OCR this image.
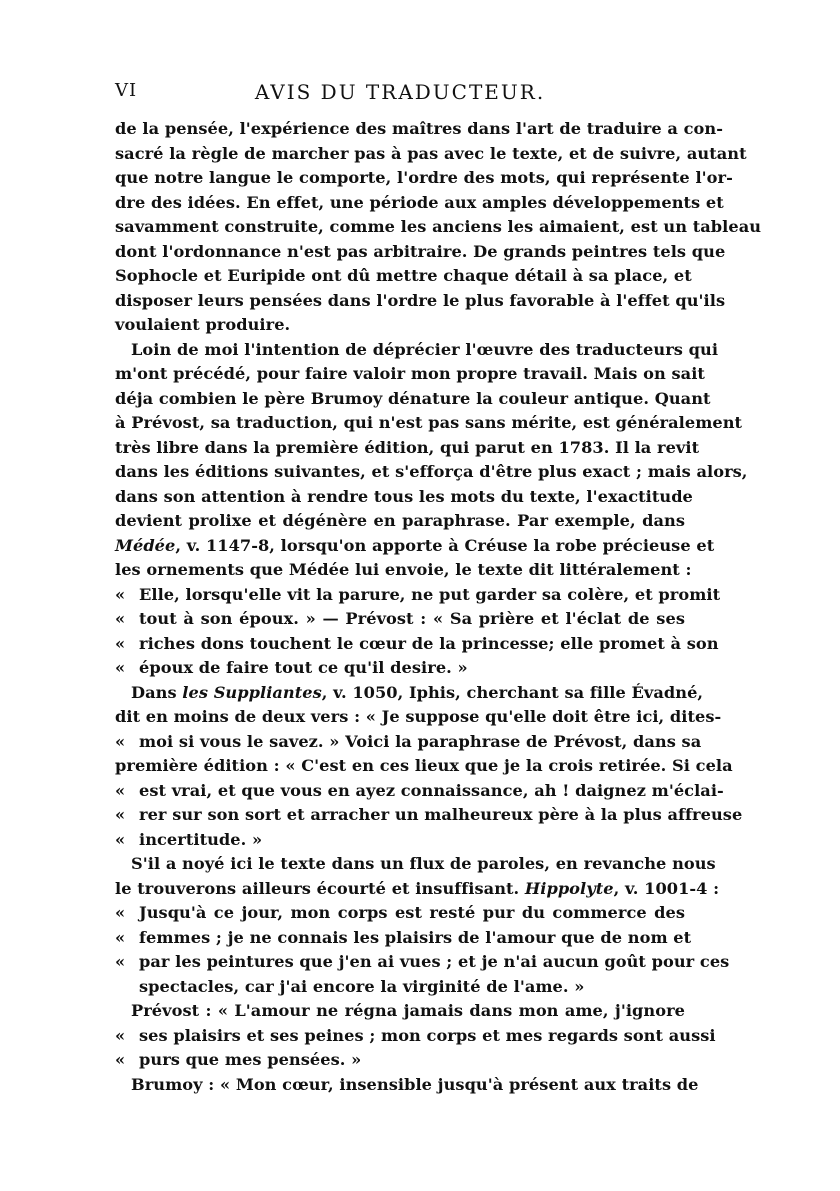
VI	AVIS DU TRADUCTEUR.
de la pensée, l'expérience des maîtres dans l'art de traduire a con-
sacré la règle de marcher pas à pas avec le texte, et de suivre, autant
que notre langue le comporte, l'ordre des mots, qui représente l'or-
dre des idées. En effet, une période aux amples développements et
savamment construite, comme les anciens les aimaient, est un tableau
dont l'ordonnance n'est pas arbitraire. De grands peintres tels que
Sophocle et Euripide ont dû mettre chaque détail à sa place, et
disposer leurs pensées dans l'ordre le plus favorable à l'effet qu'ils
voulaient produire.
Loin de moi l'intention de déprécier l'œuvre des traducteurs qui
m'ont précédé, pour faire valoir mon propre travail. Mais on sait
déja combien le père Brumoy dénature la couleur antique. Quant
à Prévost, sa traduction, qui n'est pas sans mérite, est généralement
très libre dans la première édition, qui parut en 1783. Il la revit
dans les éditions suivantes, et s'efforça d'être plus exact ; mais alors,
dans son attention à rendre tous les mots du texte, l'exactitude
devient prolixe et dégénère en paraphrase. Par exemple, dans
Médée, v. 1147-8, lorsqu'on apporte à Créuse la robe précieuse et
les ornements que Médée lui envoie, le texte dit littéralement :
« Elle, lorsqu'elle vit la parure, ne put garder sa colère, et promit
« tout à son époux. » — Prévost : « Sa prière et l'éclat de ses
« riches dons touchent le cœur de la princesse; elle promet à son
« époux de faire tout ce qu'il desire. »
Dans les Suppliantes, v. 1050, Iphis, cherchant sa fille Évadné,
dit en moins de deux vers : « Je suppose qu'elle doit être ici, dites-
« moi si vous le savez. » Voici la paraphrase de Prévost, dans sa
première édition : « C'est en ces lieux que je la crois retirée. Si cela
« est vrai, et que vous en ayez connaissance, ah ! daignez m'éclai-
« rer sur son sort et arracher un malheureux père à la plus affreuse
« incertitude. »
S'il a noyé ici le texte dans un flux de paroles, en revanche nous
le trouverons ailleurs écourté et insuffisant. Hippolyte, v. 1001-4 :
« Jusqu'à ce jour, mon corps est resté pur du commerce des
« femmes ; je ne connais les plaisirs de l'amour que de nom et
« par les peintures que j'en ai vues ; et je n'ai aucun goût pour ces
spectacles, car j'ai encore la virginité de l'ame. »
Prévost : « L'amour ne régna jamais dans mon ame, j'ignore
« ses plaisirs et ses peines ; mon corps et mes regards sont aussi
« purs que mes pensées. »
Brumoy : « Mon cœur, insensible jusqu'à présent aux traits de
